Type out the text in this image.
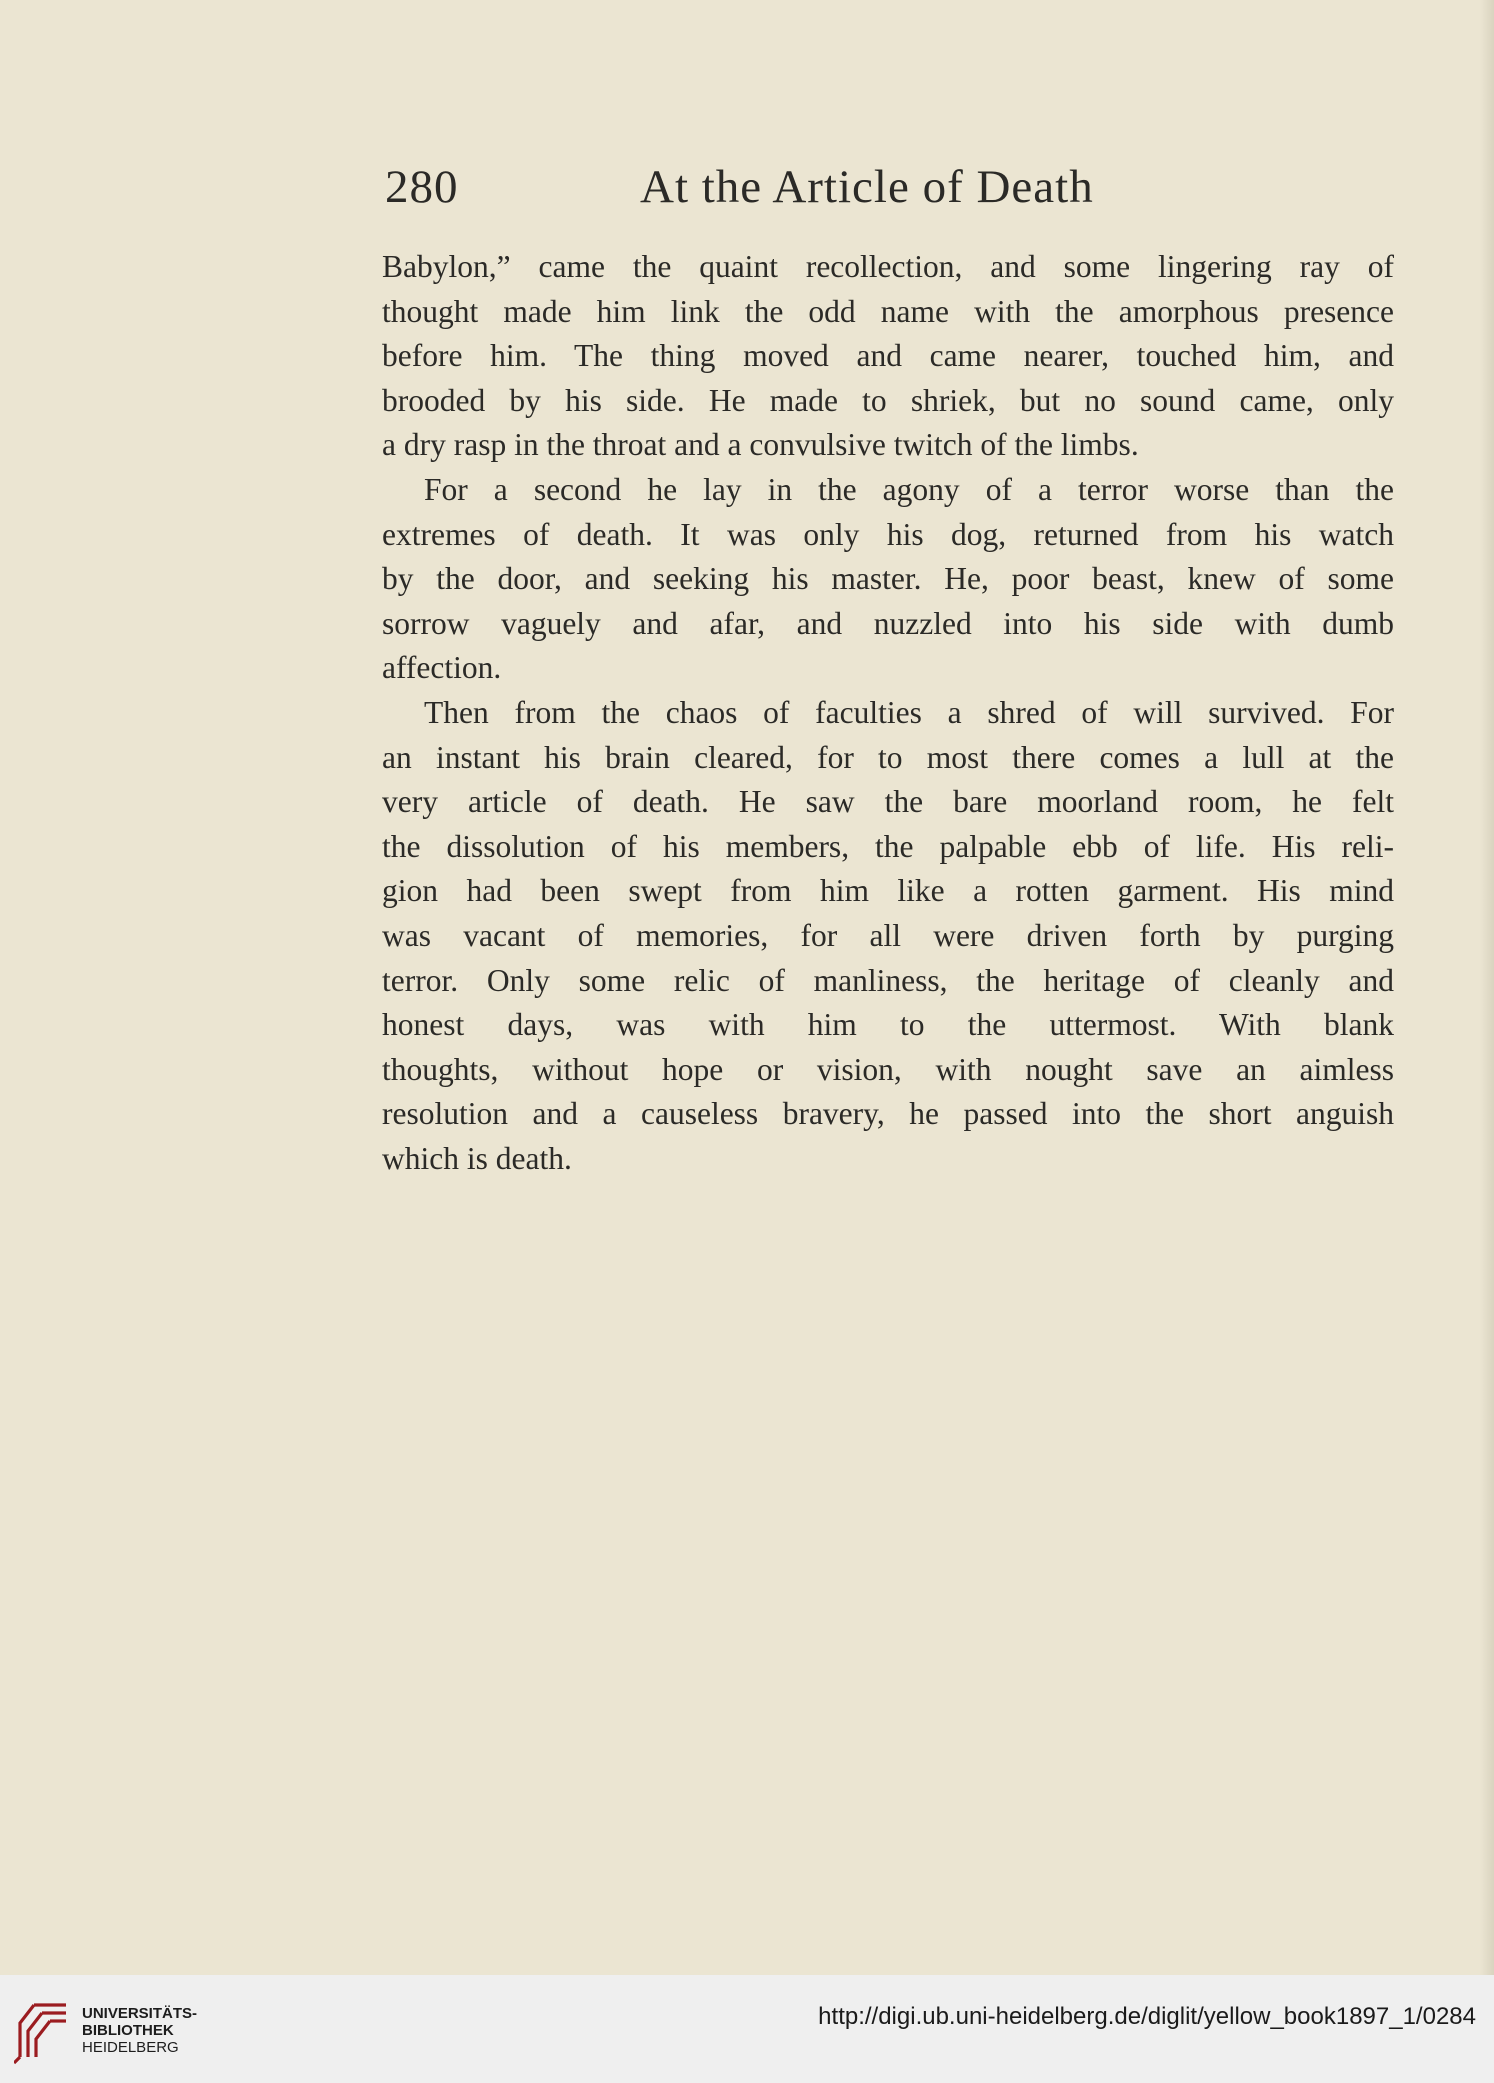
280	At the Article of Death
Babylon,” came the quaint recollection, and some lingering ray of
thought made him link the odd name with the amorphous presence
before him. The thing moved and came nearer, touched him, and
brooded by his side. He made to shriek, but no sound came, only
a dry rasp in the throat and a convulsive twitch of the limbs.
For a second he lay in the agony of a terror worse than the
extremes of death. It was only his dog, returned from his watch
by the door, and seeking his master. He, poor beast, knew of some
sorrow vaguely and afar, and nuzzled into his side with dumb
affection.
Then from the chaos of faculties a shred of will survived. For
an instant his brain cleared, for to most there comes a lull at the
very article of death. He saw the bare moorland room, he felt
the dissolution of his members, the palpable ebb of life. His reli-
gion had been swept from him like a rotten garment. His mind
was vacant of memories, for all were driven forth by purging
terror. Only some relic of manliness, the heritage of cleanly and
honest days, was with him to the uttermost. With blank
thoughts, without hope or vision, with nought save an aimless
resolution and a causeless bravery, he passed into the short anguish
which is death.
UNIVERSITÄTS-
BIBLIOTHEK
HEIDELBERG
http://digi.ub.uni-heidelberg.de/diglit/yellow_book1897_1/0284
